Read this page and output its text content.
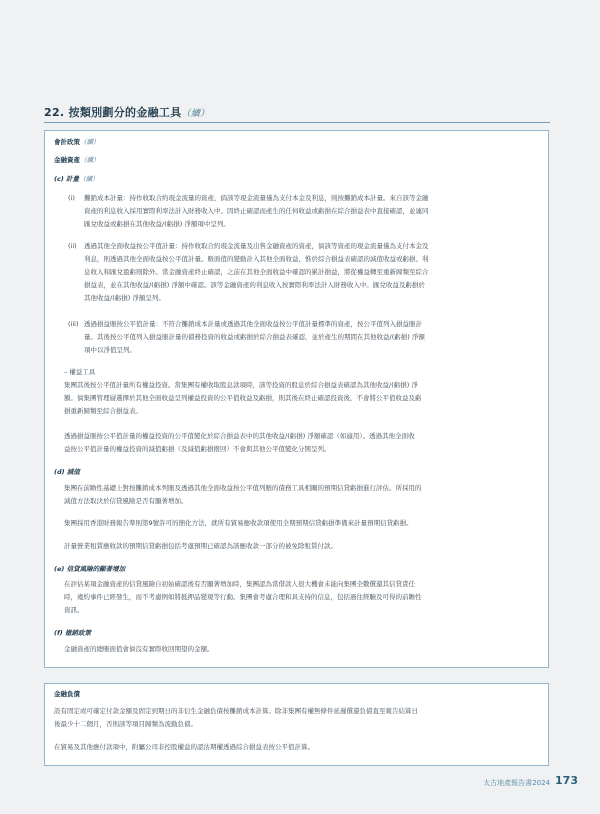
22. 按類別劃分的金融工具（續）
會計政策（續）
金融資產（續）
(c) 計量（續）
(i) 攤銷成本計量：持作收取合約現金流量的資產，倘該等現金流量僅為支付本金及利息，則按攤銷成本計量。來自該等金融
資產的利息收入採用實際利率法計入財務收入中。因終止確認而產生的任何收益或虧損在綜合損益表中直接確認，並連同
匯兌收益或虧損在其他收益/(虧損) 淨額項中呈列。
(ii) 透過其他全面收益按公平值計量：持作收取合約現金流量及出售金融資產的資產，倘該等資產的現金流量僅為支付本金及
利息，則透過其他全面收益按公平值計量。賬面值的變動計入其他全面收益，惟於綜合損益表確認的減值收益或虧損、利
息收入和匯兌盈虧則除外。當金融資產終止確認，之前在其他全面收益中確認的累計損益，將從權益轉至重新歸類至綜合
損益表，並在其他收益/(虧損) 淨額中確認。該等金融資產的利息收入按實際利率法計入財務收入中。匯兌收益及虧損於
其他收益/(虧損) 淨額呈列。
(iii) 透過損益賬按公平值計量：不符合攤銷成本計量或透過其他全面收益按公平值計量標準的資產，按公平值列入損益賬計
量。其後按公平值列入損益賬計量的債務投資的收益或虧損於綜合損益表確認，並於產生的期間在其他收益/(虧損) 淨額
項中以淨值呈列。
– 權益工具
集團其後按公平值計量所有權益投資。當集團有權收取股息款項時，該等投資的股息於綜合損益表確認為其他收益/(虧損) 淨
額。倘集團管理層選擇於其他全面收益呈列權益投資的公平值收益及虧損，則其後在終止確認投資後，不會將公平值收益及虧
損重新歸類至綜合損益表。
透過損益賬按公平值計量的權益投資的公平值變化於綜合損益表中的其他收益/(虧損) 淨額確認（如適用）。透過其他全面收
益按公平值計量的權益投資的減值虧損（及減值虧損撥回）不會與其他公平值變化分開呈列。
(d) 減值
集團在前瞻性基礎上對按攤銷成本列賬及透過其他全面收益按公平值列賬的債務工具相關的預期信貸虧損進行評估。所採用的
減值方法取決於信貸風險是否有顯著增加。
集團採用香港財務報告準則第9號許可的簡化方法，就所有貿易應收款項使用全期預期信貸虧損準備來計量預期信貸虧損。
計量營業租賃應收款的預期信貸虧損包括考慮預期已確認為該應收款一部分的被免除租賃付款。
(e) 信貸風險的顯著增加
在評估某項金融資產的信貸風險自初始確認後有否顯著增加時，集團認為當借款人很大機會未能向集團全數償還其信貸責任
時，違約事件已經發生，而不考慮例如將抵押品變現等行動。集團會考慮合理和具支持的信息，包括過往經驗及可得的前瞻性
資訊。
(f) 撤銷政策
金融資產的總賬面值會倘沒有實際收回期望的金額。
金融負債
設有固定或可確定付款金額及固定到期日的非衍生金融負債按攤銷成本計算。除非集團有權無條件延遲償還負債直至報告結算日
後最少十二個月，否則該等項目歸類為流動負債。
在貿易及其他應付款項中，附屬公司非控股權益的認沽期權透過綜合損益表按公平值計算。
太古地產報告書2024 173
